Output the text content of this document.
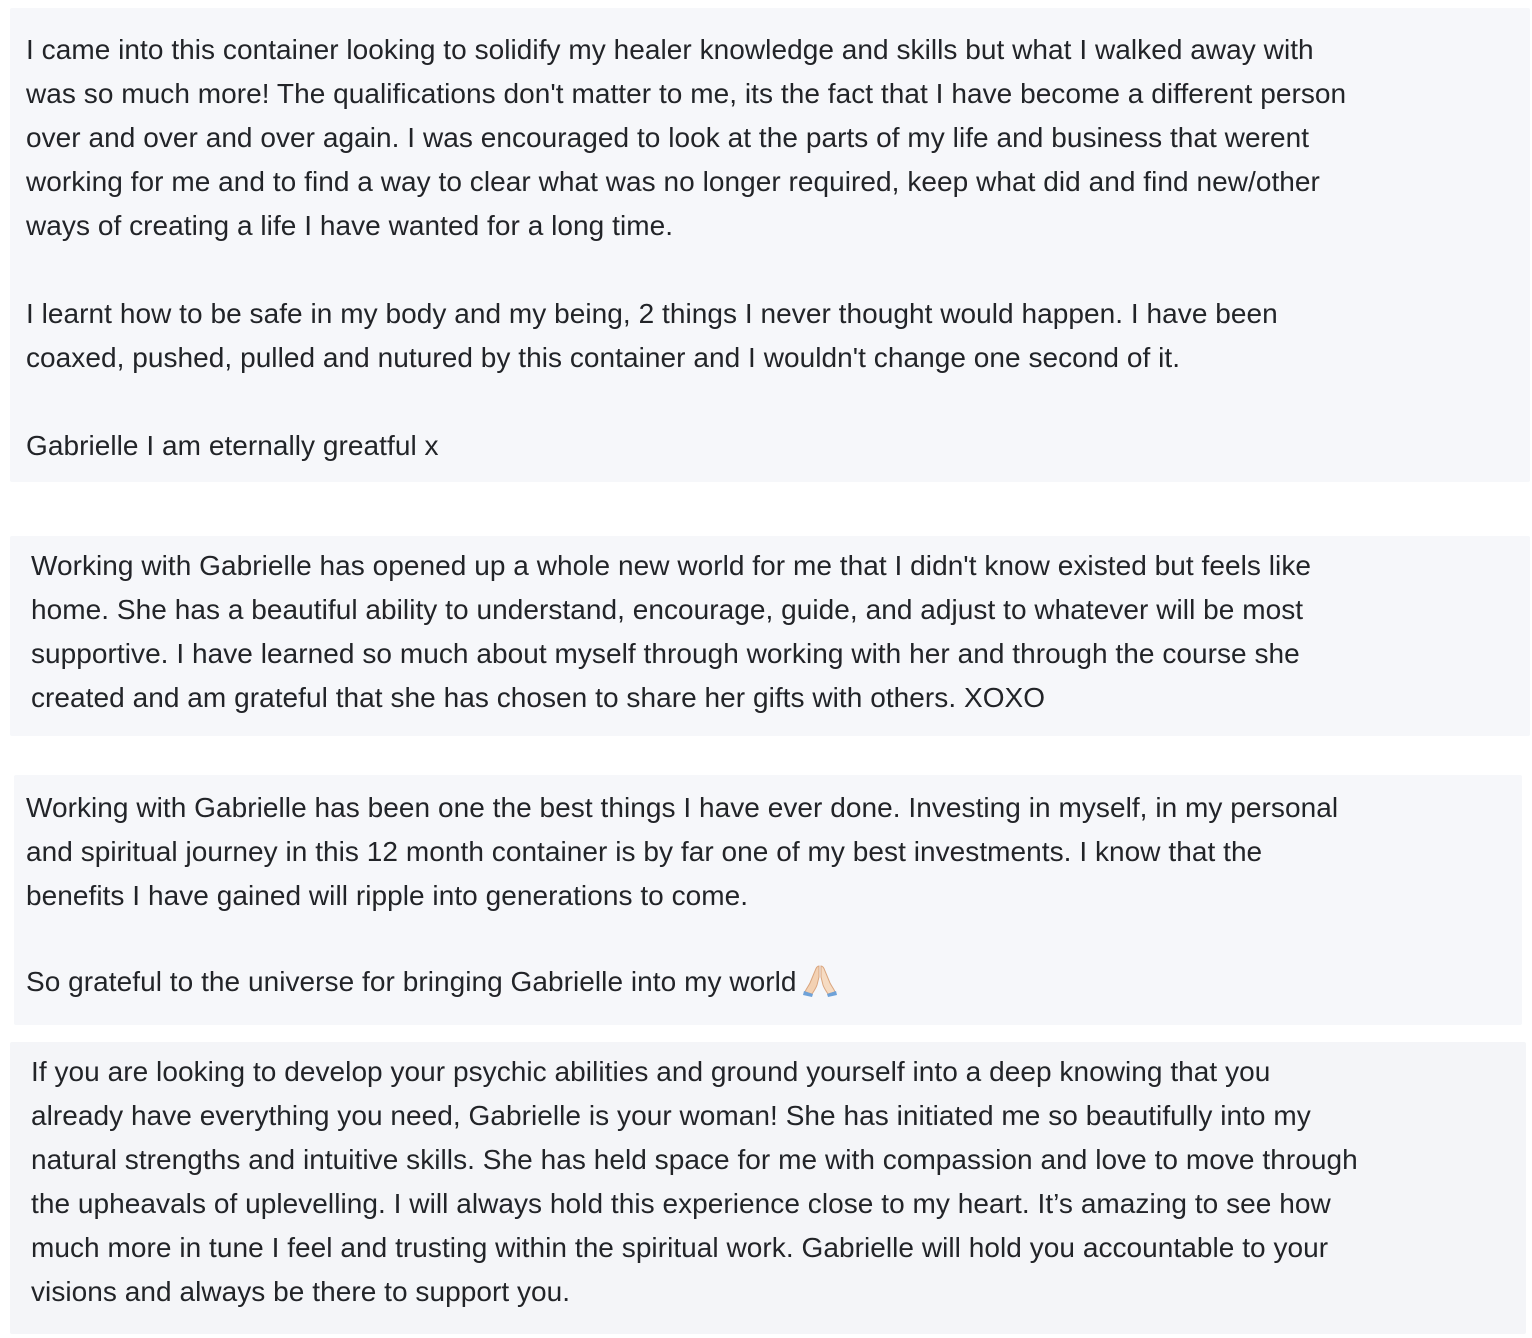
I came into this container looking to solidify my healer knowledge and skills but what I walked away with
was so much more! The qualifications don't matter to me, its the fact that I have become a different person
over and over and over again. I was encouraged to look at the parts of my life and business that werent
working for me and to find a way to clear what was no longer required, keep what did and find new/other
ways of creating a life I have wanted for a long time.

I learnt how to be safe in my body and my being, 2 things I never thought would happen. I have been
coaxed, pushed, pulled and nutured by this container and I wouldn't change one second of it.

Gabrielle I am eternally greatful x

Working with Gabrielle has opened up a whole new world for me that I didn't know existed but feels like
home. She has a beautiful ability to understand, encourage, guide, and adjust to whatever will be most
supportive. I have learned so much about myself through working with her and through the course she
created and am grateful that she has chosen to share her gifts with others. XOXO

Working with Gabrielle has been one the best things I have ever done. Investing in myself, in my personal
and spiritual journey in this 12 month container is by far one of my best investments. I know that the
benefits I have gained will ripple into generations to come.

So grateful to the universe for bringing Gabrielle into my world

If you are looking to develop your psychic abilities and ground yourself into a deep knowing that you
already have everything you need, Gabrielle is your woman! She has initiated me so beautifully into my
natural strengths and intuitive skills. She has held space for me with compassion and love to move through
the upheavals of uplevelling. I will always hold this experience close to my heart. It’s amazing to see how
much more in tune I feel and trusting within the spiritual work. Gabrielle will hold you accountable to your
visions and always be there to support you.
